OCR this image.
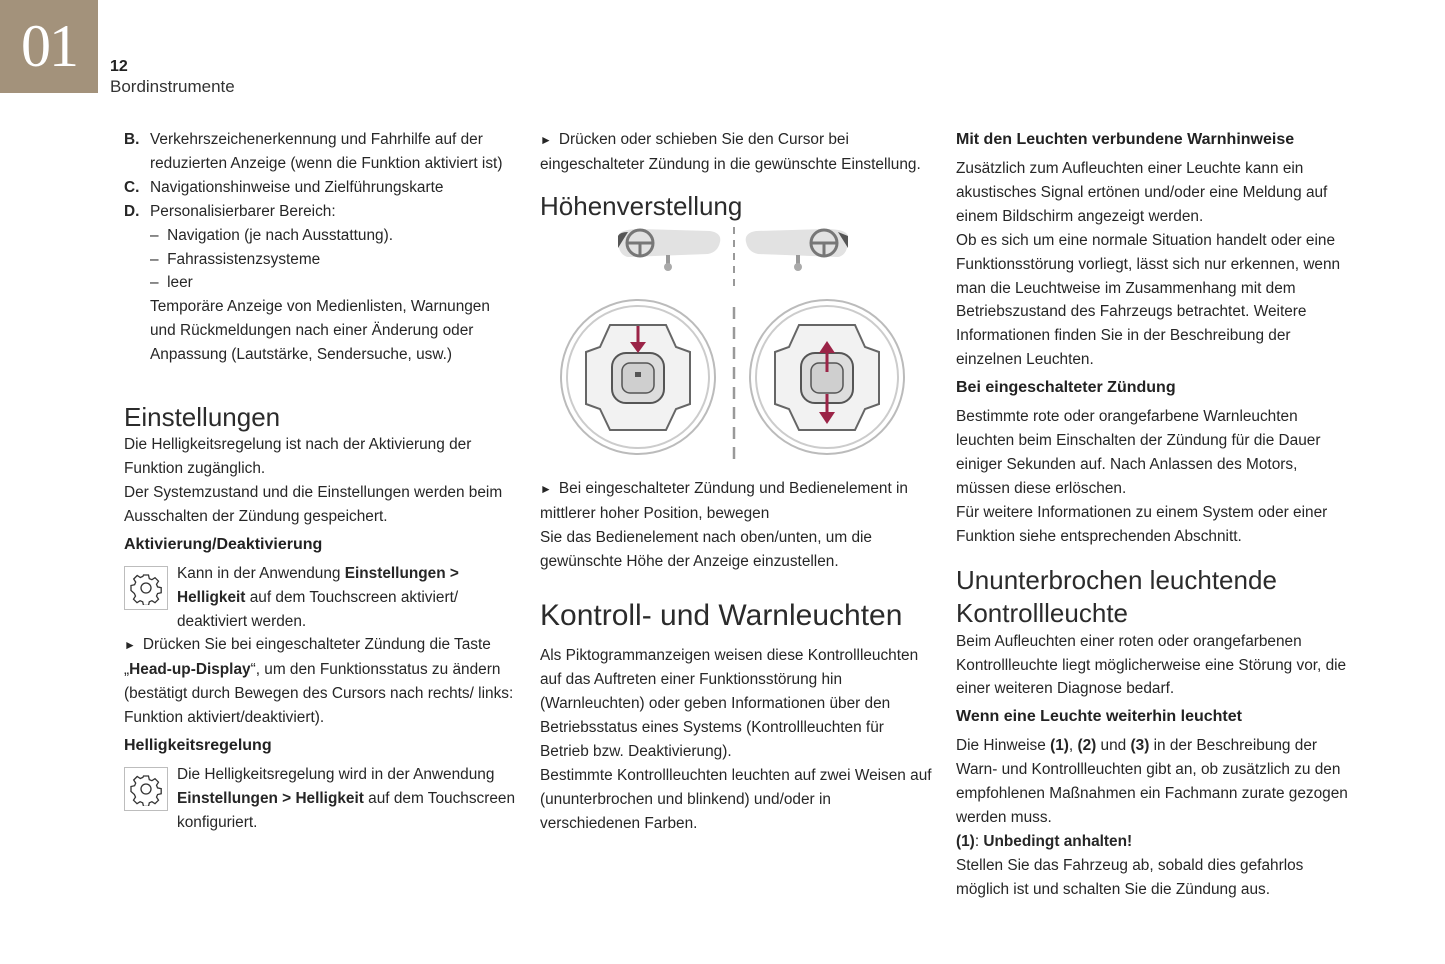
01 12
Bordinstrumente
B. Verkehrszeichenerkennung und Fahrhilfe auf der reduzierten Anzeige (wenn die Funktion aktiviert ist)
C. Navigationshinweise und Zielführungskarte
D. Personalisierbarer Bereich:
–  Navigation (je nach Ausstattung).
–  Fahrassistenzsysteme
–  leer

Temporäre Anzeige von Medienlisten, Warnungen und Rückmeldungen nach einer Änderung oder Anpassung (Lautstärke, Sendersuche, usw.)

Einstellungen

Die Helligkeitsregelung ist nach der Aktivierung der Funktion zugänglich.

Der Systemzustand und die Einstellungen werden beim Ausschalten der Zündung gespeichert.

Aktivierung/Deaktivierung
Kann in der Anwendung Einstellungen > Helligkeit auf dem Touchscreen aktiviert/ deaktiviert werden.

► Drücken Sie bei eingeschalteter Zündung die Taste „Head-up-Display“, um den Funktionsstatus zu ändern (bestätigt durch Bewegen des Cursors nach rechts/ links: Funktion aktiviert/deaktiviert).

Helligkeitsregelung
Die Helligkeitsregelung wird in der Anwendung Einstellungen > Helligkeit auf dem Touchscreen konfiguriert.

► Drücken oder schieben Sie den Cursor bei eingeschalteter Zündung in die gewünschte Einstellung.

Höhenverstellung

► Bei eingeschalteter Zündung und Bedienelement in mittlerer hoher Position, bewegen

Sie das Bedienelement nach oben/unten, um die gewünschte Höhe der Anzeige einzustellen.

Kontroll- und Warnleuchten

Als Piktogrammanzeigen weisen diese Kontrollleuchten auf das Auftreten einer Funktionsstörung hin (Warnleuchten) oder geben Informationen über den Betriebsstatus eines Systems (Kontrollleuchten für Betrieb bzw. Deaktivierung).

Bestimmte Kontrollleuchten leuchten auf zwei Weisen auf (ununterbrochen und blinkend) und/oder in verschiedenen Farben.

Mit den Leuchten verbundene Warnhinweise

Zusätzlich zum Aufleuchten einer Leuchte kann ein akustisches Signal ertönen und/oder eine Meldung auf einem Bildschirm angezeigt werden.

Ob es sich um eine normale Situation handelt oder eine Funktionsstörung vorliegt, lässt sich nur erkennen, wenn man die Leuchtweise im Zusammenhang mit dem Betriebszustand des Fahrzeugs betrachtet. Weitere Informationen finden Sie in der Beschreibung der einzelnen Leuchten.

Bei eingeschalteter Zündung

Bestimmte rote oder orangefarbene Warnleuchten leuchten beim Einschalten der Zündung für die Dauer einiger Sekunden auf. Nach Anlassen des Motors, müssen diese erlöschen.

Für weitere Informationen zu einem System oder einer Funktion siehe entsprechenden Abschnitt.

Ununterbrochen leuchtende Kontrollleuchte

Beim Aufleuchten einer roten oder orangefarbenen Kontrollleuchte liegt möglicherweise eine Störung vor, die einer weiteren Diagnose bedarf.

Wenn eine Leuchte weiterhin leuchtet

Die Hinweise (1), (2) und (3) in der Beschreibung der Warn- und Kontrollleuchten gibt an, ob zusätzlich zu den empfohlenen Maßnahmen ein Fachmann zurate gezogen werden muss.

(1): Unbedingt anhalten!

Stellen Sie das Fahrzeug ab, sobald dies gefahrlos möglich ist und schalten Sie die Zündung aus.
